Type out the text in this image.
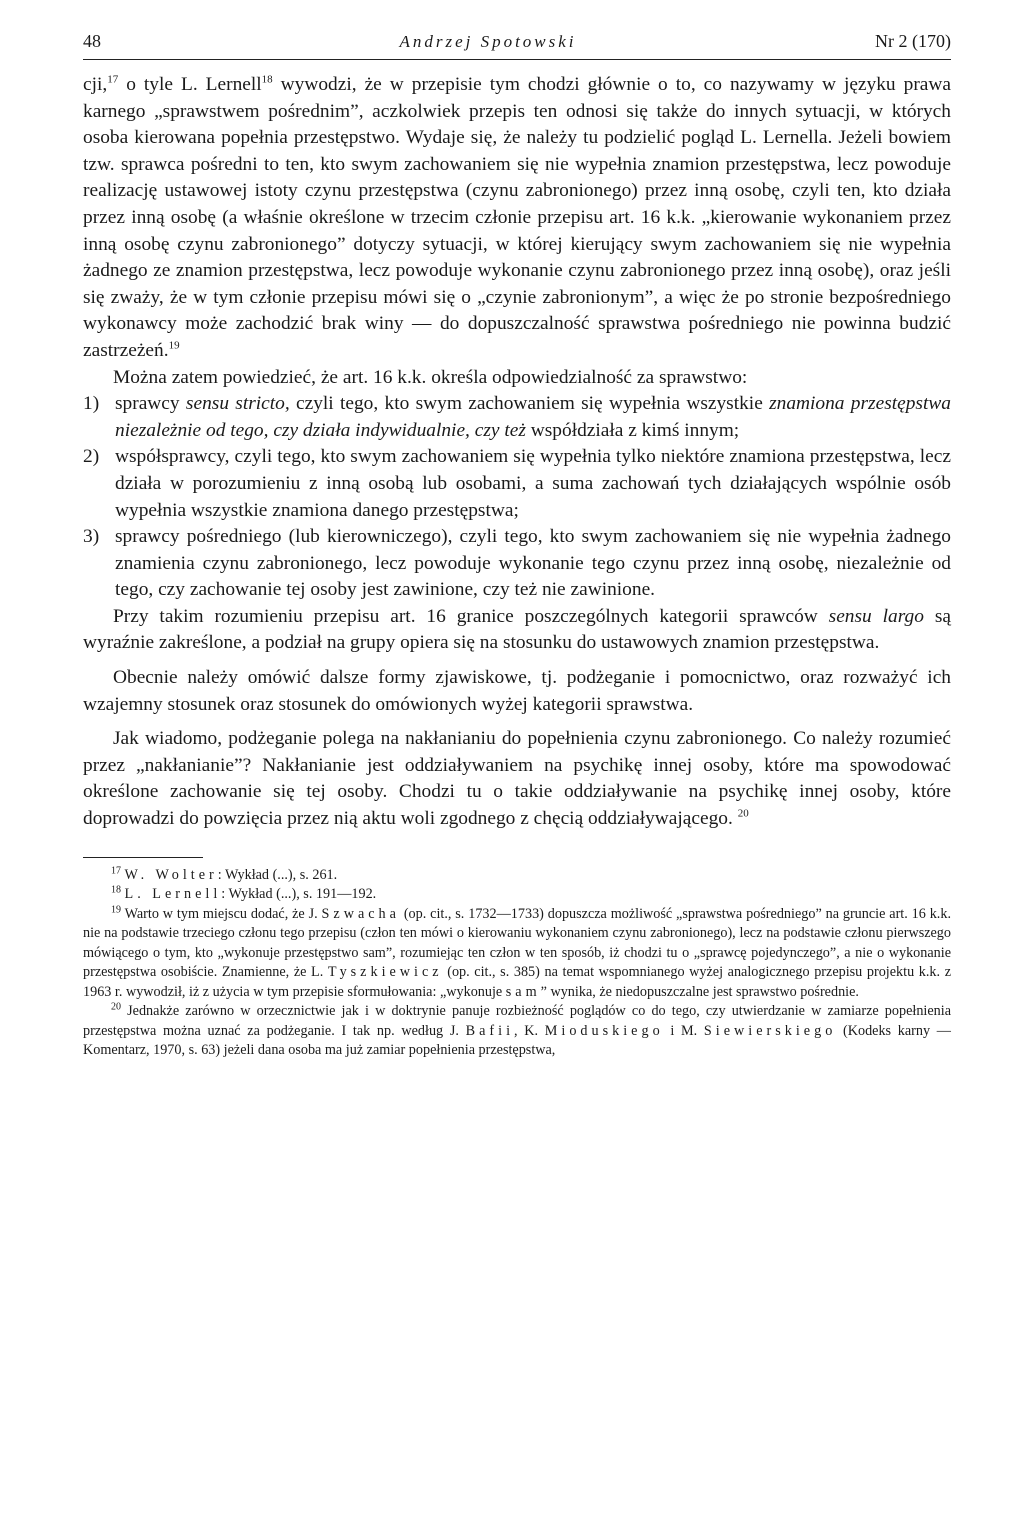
48	Andrzej Spotowski	Nr 2 (170)

cji,$^{17}$ o tyle L. Lernell$^{18}$ wywodzi, że w przepisie tym chodzi głównie o to, co nazywamy w języku prawa karnego „sprawstwem pośrednim”, aczkolwiek przepis ten odnosi się także do innych sytuacji, w których osoba kierowana popełnia przestępstwo. Wydaje się, że należy tu podzielić pogląd L. Lernella. Jeżeli bowiem tzw. sprawca pośredni to ten, kto swym zachowaniem się nie wypełnia znamion przestępstwa, lecz powoduje realizację ustawowej istoty czynu przestępstwa (czynu zabronionego) przez inną osobę, czyli ten, kto działa przez inną osobę (a właśnie określone w trzecim członie przepisu art. 16 k.k. „kierowanie wykonaniem przez inną osobę czynu zabronionego” dotyczy sytuacji, w której kierujący swym zachowaniem się nie wypełnia żadnego ze znamion przestępstwa, lecz powoduje wykonanie czynu zabronionego przez inną osobę), oraz jeśli się zważy, że w tym członie przepisu mówi się o „czynie zabronionym”, a więc że po stronie bezpośredniego wykonawcy może zachodzić brak winy — do dopuszczalność sprawstwa pośredniego nie powinna budzić zastrzeżeń.$^{19}$

Można zatem powiedzieć, że art. 16 k.k. określa odpowiedzialność za sprawstwo:

1) sprawcy sensu stricto, czyli tego, kto swym zachowaniem się wypełnia wszystkie znamiona przestępstwa niezależnie od tego, czy działa indywidualnie, czy też współdziała z kimś innym;
2) współsprawcy, czyli tego, kto swym zachowaniem się wypełnia tylko niektóre znamiona przestępstwa, lecz działa w porozumieniu z inną osobą lub osobami, a suma zachowań tych działających wspólnie osób wypełnia wszystkie znamiona danego przestępstwa;
3) sprawcy pośredniego (lub kierowniczego), czyli tego, kto swym zachowaniem się nie wypełnia żadnego znamienia czynu zabronionego, lecz powoduje wykonanie tego czynu przez inną osobę, niezależnie od tego, czy zachowanie tej osoby jest zawinione, czy też nie zawinione.

Przy takim rozumieniu przepisu art. 16 granice poszczególnych kategorii sprawców sensu largo są wyraźnie zakreślone, a podział na grupy opiera się na stosunku do ustawowych znamion przestępstwa.

Obecnie należy omówić dalsze formy zjawiskowe, tj. podżeganie i pomocnictwo, oraz rozważyć ich wzajemny stosunek oraz stosunek do omówionych wyżej kategorii sprawstwa.

Jak wiadomo, podżeganie polega na nakłanianiu do popełnienia czynu zabronionego. Co należy rozumieć przez „nakłanianie”? Nakłanianie jest oddziaływaniem na psychikę innej osoby, które ma spowodować określone zachowanie się tej osoby. Chodzi tu o takie oddziaływanie na psychikę innej osoby, które doprowadzi do powzięcia przez nią aktu woli zgodnego z chęcią oddziaływającego. $^{20}$

$^{17}$ W. Wolter: Wykład (...), s. 261.

$^{18}$ L. Lernell: Wykład (...), s. 191—192.

$^{19}$ Warto w tym miejscu dodać, że J. Szwacha (op. cit., s. 1732—1733) dopuszcza możliwość „sprawstwa pośredniego” na gruncie art. 16 k.k. nie na podstawie trzeciego członu tego przepisu (człon ten mówi o kierowaniu wykonaniem czynu zabronionego), lecz na podstawie członu pierwszego mówiącego o tym, kto „wykonuje przestępstwo sam”, rozumiejąc ten człon w ten sposób, iż chodzi tu o „sprawcę pojedynczego”, a nie o wykonanie przestępstwa osobiście. Znamienne, że L. Tyszkiewicz (op. cit., s. 385) na temat wspomnianego wyżej analogicznego przepisu projektu k.k. z 1963 r. wywodził, iż z użycia w tym przepisie sformułowania: „wykonuje sam” wynika, że niedopuszczalne jest sprawstwo pośrednie.

$^{20}$ Jednakże zarówno w orzecznictwie jak i w doktrynie panuje rozbieżność poglądów co do tego, czy utwierdzanie w zamiarze popełnienia przestępstwa można uznać za podżeganie. I tak np. według J. Bafii, K. Mioduskiego i M. Siewierskiego (Kodeks karny — Komentarz, 1970, s. 63) jeżeli dana osoba ma już zamiar popełnienia przestępstwa,
